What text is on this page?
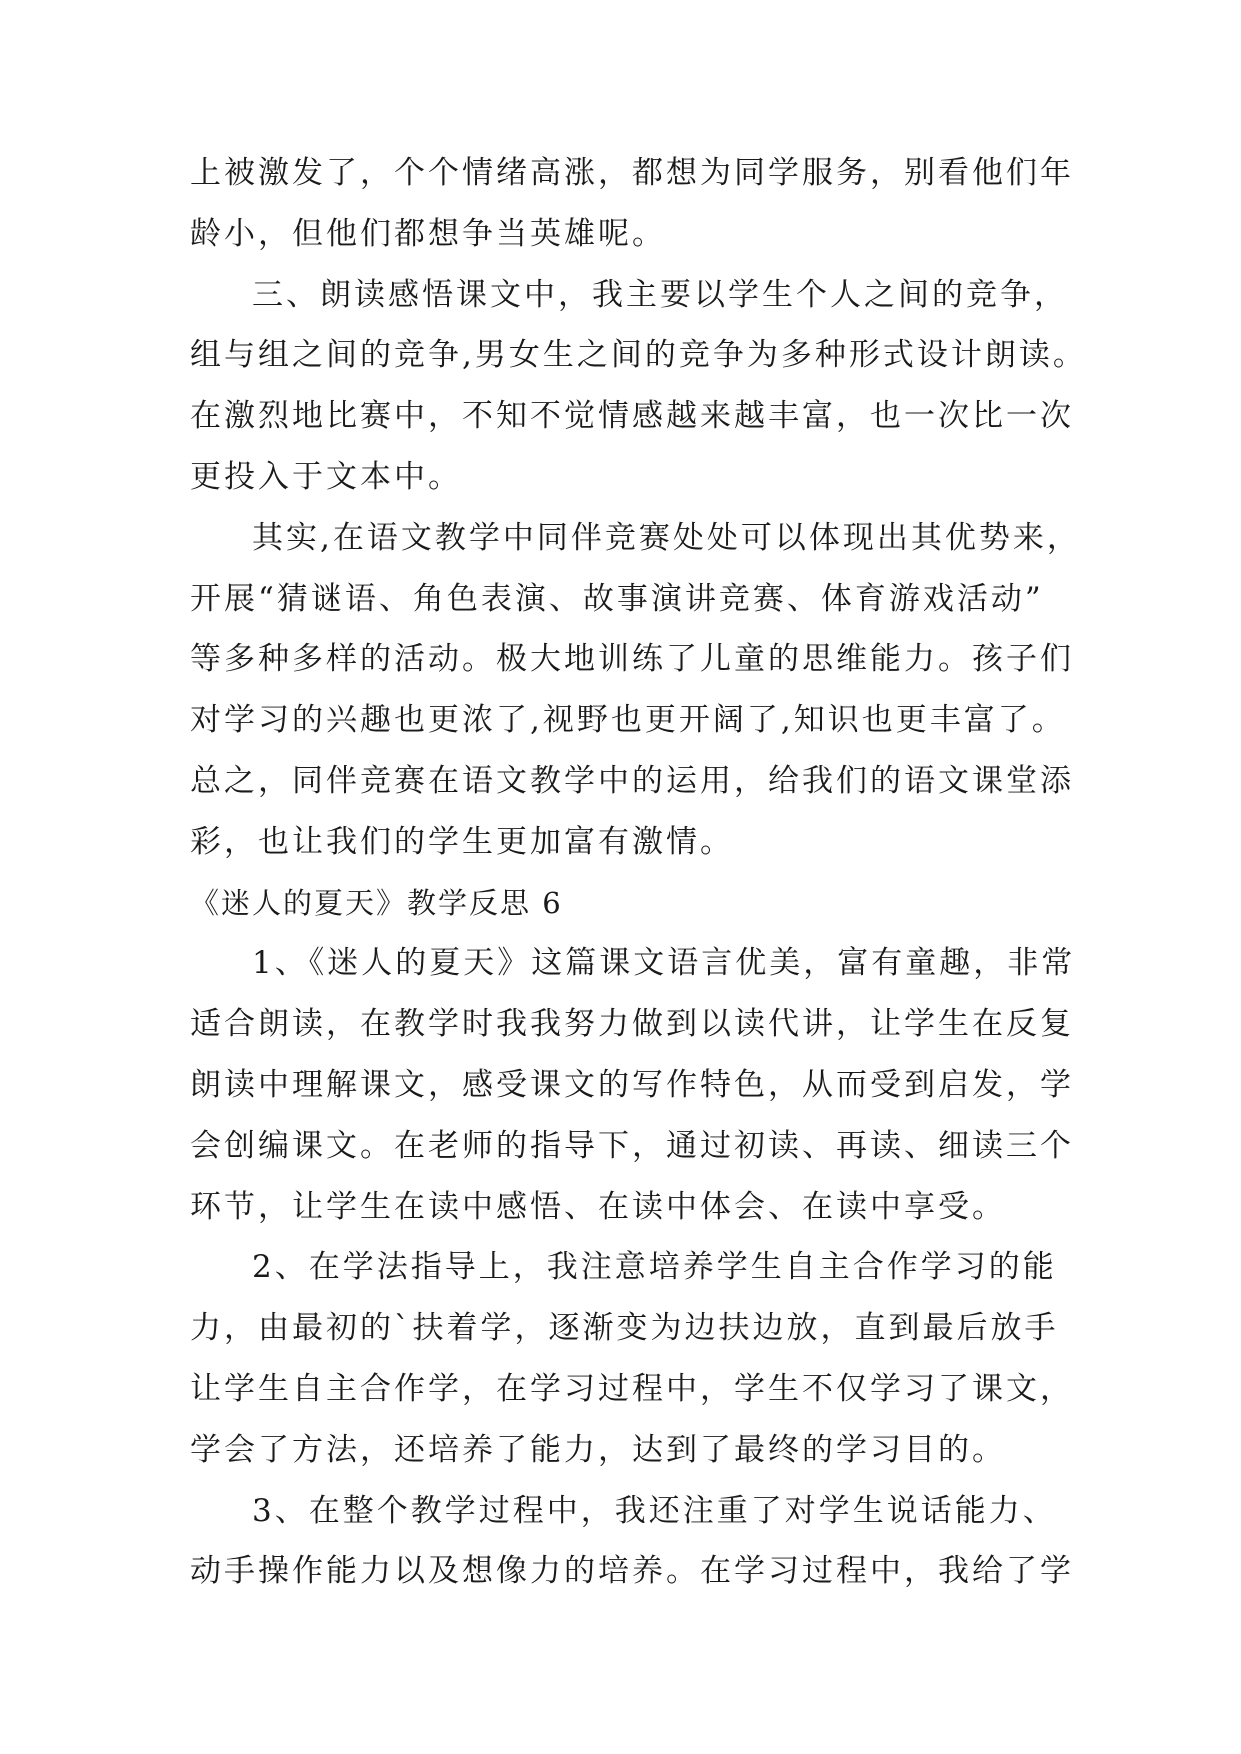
上被激发了，个个情绪高涨，都想为同学服务，别看他们年
龄小，但他们都想争当英雄呢。
三、朗读感悟课文中，我主要以学生个人之间的竞争，
组与组之间的竞争,男女生之间的竞争为多种形式设计朗读。
在激烈地比赛中，不知不觉情感越来越丰富，也一次比一次
更投入于文本中。
其实,在语文教学中同伴竞赛处处可以体现出其优势来，
开展“猜谜语、角色表演、故事演讲竞赛、体育游戏活动”
等多种多样的活动。极大地训练了儿童的思维能力。孩子们
对学习的兴趣也更浓了,视野也更开阔了,知识也更丰富了。
总之，同伴竞赛在语文教学中的运用，给我们的语文课堂添
彩，也让我们的学生更加富有激情。
《迷人的夏天》教学反思 6
1、《迷人的夏天》这篇课文语言优美，富有童趣，非常
适合朗读，在教学时我我努力做到以读代讲，让学生在反复
朗读中理解课文，感受课文的写作特色，从而受到启发，学
会创编课文。在老师的指导下，通过初读、再读、细读三个
环节，让学生在读中感悟、在读中体会、在读中享受。
2、在学法指导上，我注意培养学生自主合作学习的能
力，由最初的`扶着学，逐渐变为边扶边放，直到最后放手
让学生自主合作学，在学习过程中，学生不仅学习了课文，
学会了方法，还培养了能力，达到了最终的学习目的。
3、在整个教学过程中，我还注重了对学生说话能力、
动手操作能力以及想像力的培养。在学习过程中，我给了学
